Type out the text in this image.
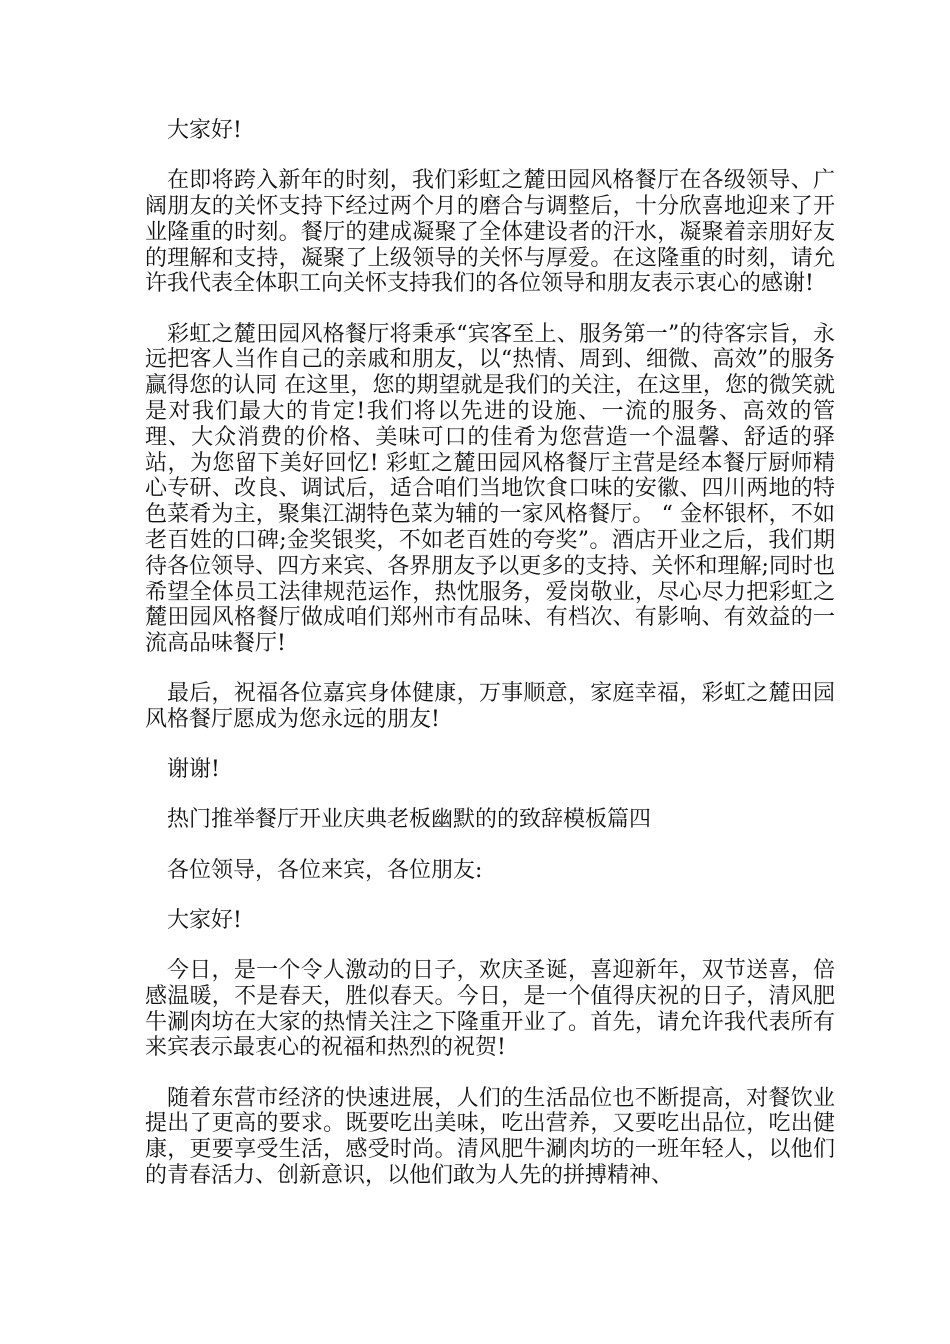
大家好!

在即将跨入新年的时刻，我们彩虹之麓田园风格餐厅在各级领导、广阔朋友的关怀支持下经过两个月的磨合与调整后，十分欣喜地迎来了开业隆重的时刻。餐厅的建成凝聚了全体建设者的汗水，凝聚着亲朋好友的理解和支持，凝聚了上级领导的关怀与厚爱。在这隆重的时刻，请允许我代表全体职工向关怀支持我们的各位领导和朋友表示衷心的感谢!

彩虹之麓田园风格餐厅将秉承“宾客至上、服务第一”的待客宗旨，永远把客人当作自己的亲戚和朋友，以“热情、周到、细微、高效”的服务赢得您的认同 在这里，您的期望就是我们的关注，在这里，您的微笑就是对我们最大的肯定!我们将以先进的设施、一流的服务、高效的管理、大众消费的价格、美味可口的佳肴为您营造一个温馨、舒适的驿站，为您留下美好回忆! 彩虹之麓田园风格餐厅主营是经本餐厅厨师精心专研、改良、调试后，适合咱们当地饮食口味的安徽、四川两地的特色菜肴为主，聚集江湖特色菜为辅的一家风格餐厅。 “ 金杯银杯，不如老百姓的口碑;金奖银奖，不如老百姓的夸奖”。酒店开业之后，我们期待各位领导、四方来宾、各界朋友予以更多的支持、关怀和理解;同时也希望全体员工法律规范运作，热忱服务，爱岗敬业，尽心尽力把彩虹之麓田园风格餐厅做成咱们郑州市有品味、有档次、有影响、有效益的一流高品味餐厅!

最后，祝福各位嘉宾身体健康，万事顺意，家庭幸福，彩虹之麓田园风格餐厅愿成为您永远的朋友!

谢谢!

热门推举餐厅开业庆典老板幽默的的致辞模板篇四

各位领导，各位来宾，各位朋友:

大家好!

今日，是一个令人激动的日子，欢庆圣诞，喜迎新年，双节送喜，倍感温暖，不是春天，胜似春天。今日，是一个值得庆祝的日子，清风肥牛涮肉坊在大家的热情关注之下隆重开业了。首先，请允许我代表所有来宾表示最衷心的祝福和热烈的祝贺!

随着东营市经济的快速进展，人们的生活品位也不断提高，对餐饮业提出了更高的要求。既要吃出美味，吃出营养，又要吃出品位，吃出健康，更要享受生活，感受时尚。清风肥牛涮肉坊的一班年轻人，以他们的青春活力、创新意识，以他们敢为人先的拼搏精神、
